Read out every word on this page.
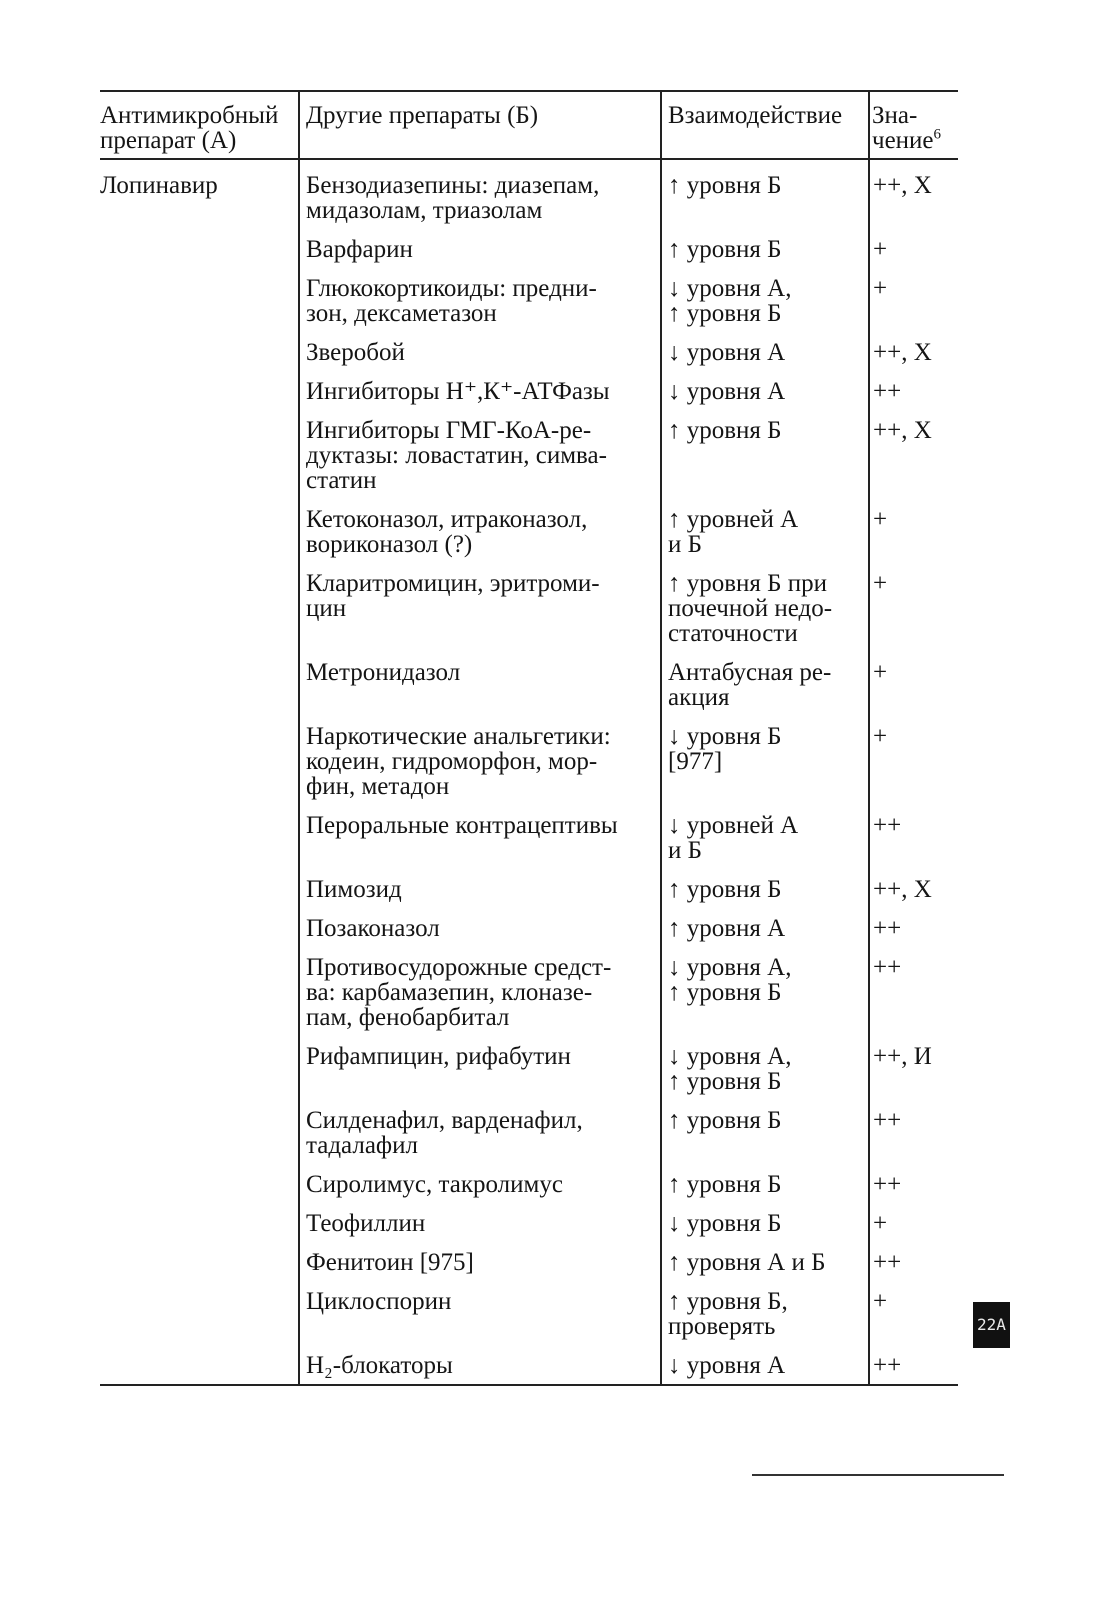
Антимикробный
препарат (А)	Другие препараты (Б)	Взаимодействие	Зна-
чение$^6$
Лопинавир	Бензодиазепины: диазепам,
мидазолам, триазолам	↑ уровня Б	++, Х
	Варфарин	↑ уровня Б	+
	Глюкокортикоиды: предни-
зон, дексаметазон	↓ уровня А,
↑ уровня Б	+
	Зверобой	↓ уровня А	++, Х
	Ингибиторы Н⁺,К⁺-АТФазы	↓ уровня А	++
	Ингибиторы ГМГ-КоА-ре-
дуктазы: ловастатин, симва-
статин	↑ уровня Б	++, Х
	Кетоконазол, итраконазол,
вориконазол (?)	↑ уровней А
и Б	+
	Кларитромицин, эритроми-
цин	↑ уровня Б при
почечной недо-
статочности	+
	Метронидазол	Антабусная ре-
акция	+
	Наркотические анальгетики:
кодеин, гидроморфон, мор-
фин, метадон	↓ уровня Б
[977]	+
	Пероральные контрацептивы	↓ уровней А
и Б	++
	Пимозид	↑ уровня Б	++, Х
	Позаконазол	↑ уровня А	++
	Противосудорожные средст-
ва: карбамазепин, клоназе-
пам, фенобарбитал	↓ уровня А,
↑ уровня Б	++
	Рифампицин, рифабутин	↓ уровня А,
↑ уровня Б	++, И
	Силденафил, варденафил,
тадалафил	↑ уровня Б	++
	Сиролимус, такролимус	↑ уровня Б	++
	Теофиллин	↓ уровня Б	+
	Фенитоин [975]	↑ уровня А и Б	++
	Циклоспорин	↑ уровня Б,
проверять	+
	Н₂-блокаторы	↓ уровня А	++
22A
